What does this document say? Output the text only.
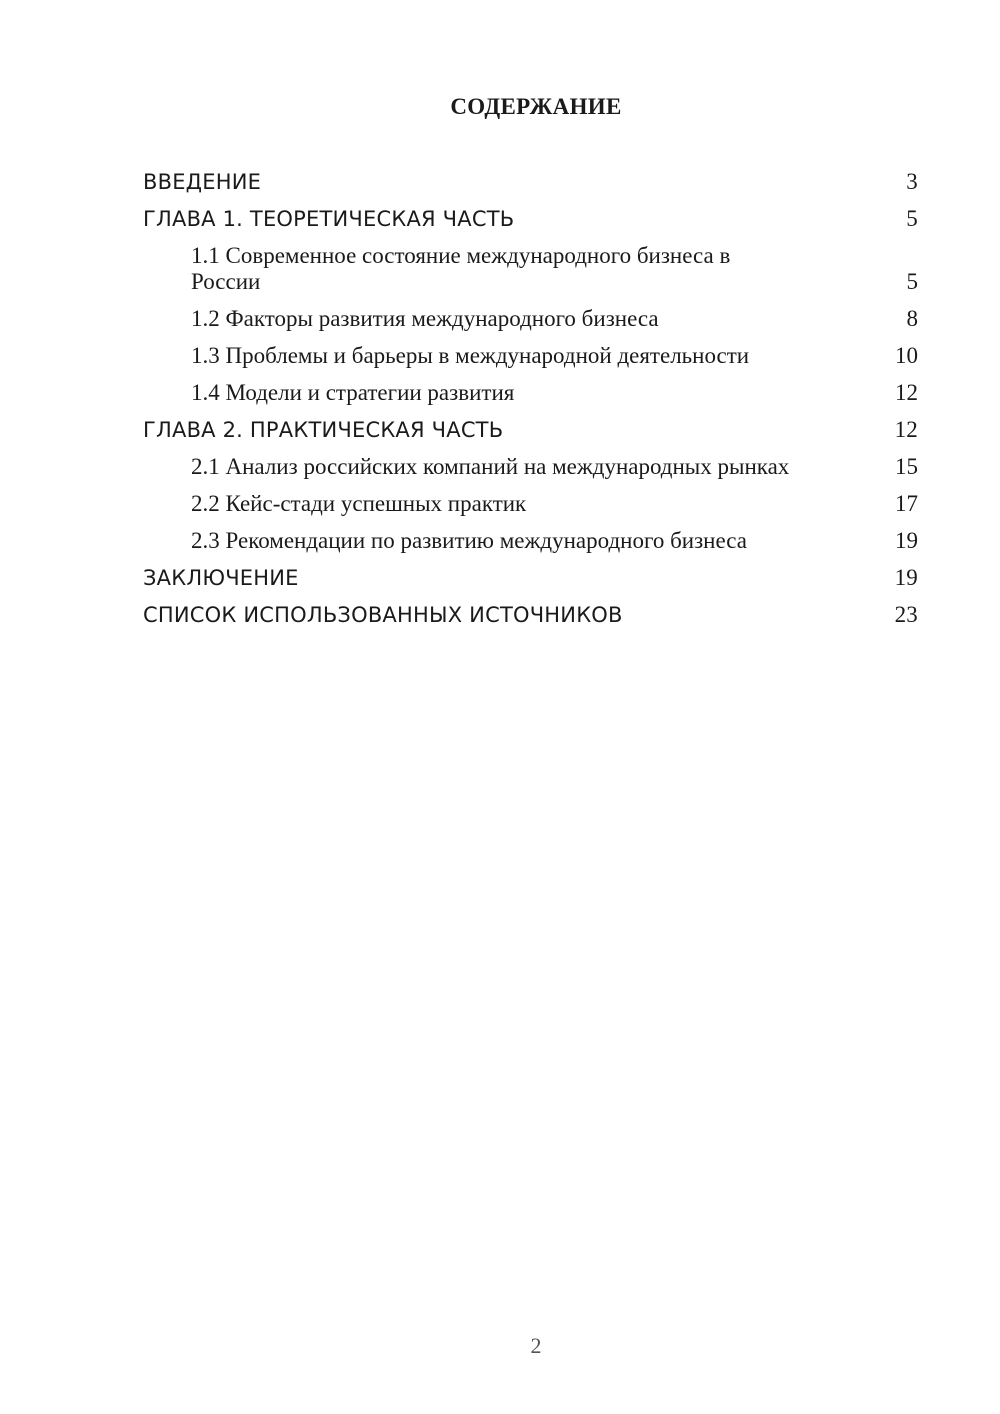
СОДЕРЖАНИЕ
ВВЕДЕНИЕ	3
ГЛАВА 1. ТЕОРЕТИЧЕСКАЯ ЧАСТЬ	5
1.1 Современное состояние международного бизнеса в России	5
1.2 Факторы развития международного бизнеса	8
1.3 Проблемы и барьеры в международной деятельности	10
1.4 Модели и стратегии развития	12
ГЛАВА 2. ПРАКТИЧЕСКАЯ ЧАСТЬ	12
2.1 Анализ российских компаний на международных рынках	15
2.2 Кейс-стади успешных практик	17
2.3 Рекомендации по развитию международного бизнеса	19
ЗАКЛЮЧЕНИЕ	19
СПИСОК ИСПОЛЬЗОВАННЫХ ИСТОЧНИКОВ	23
2
